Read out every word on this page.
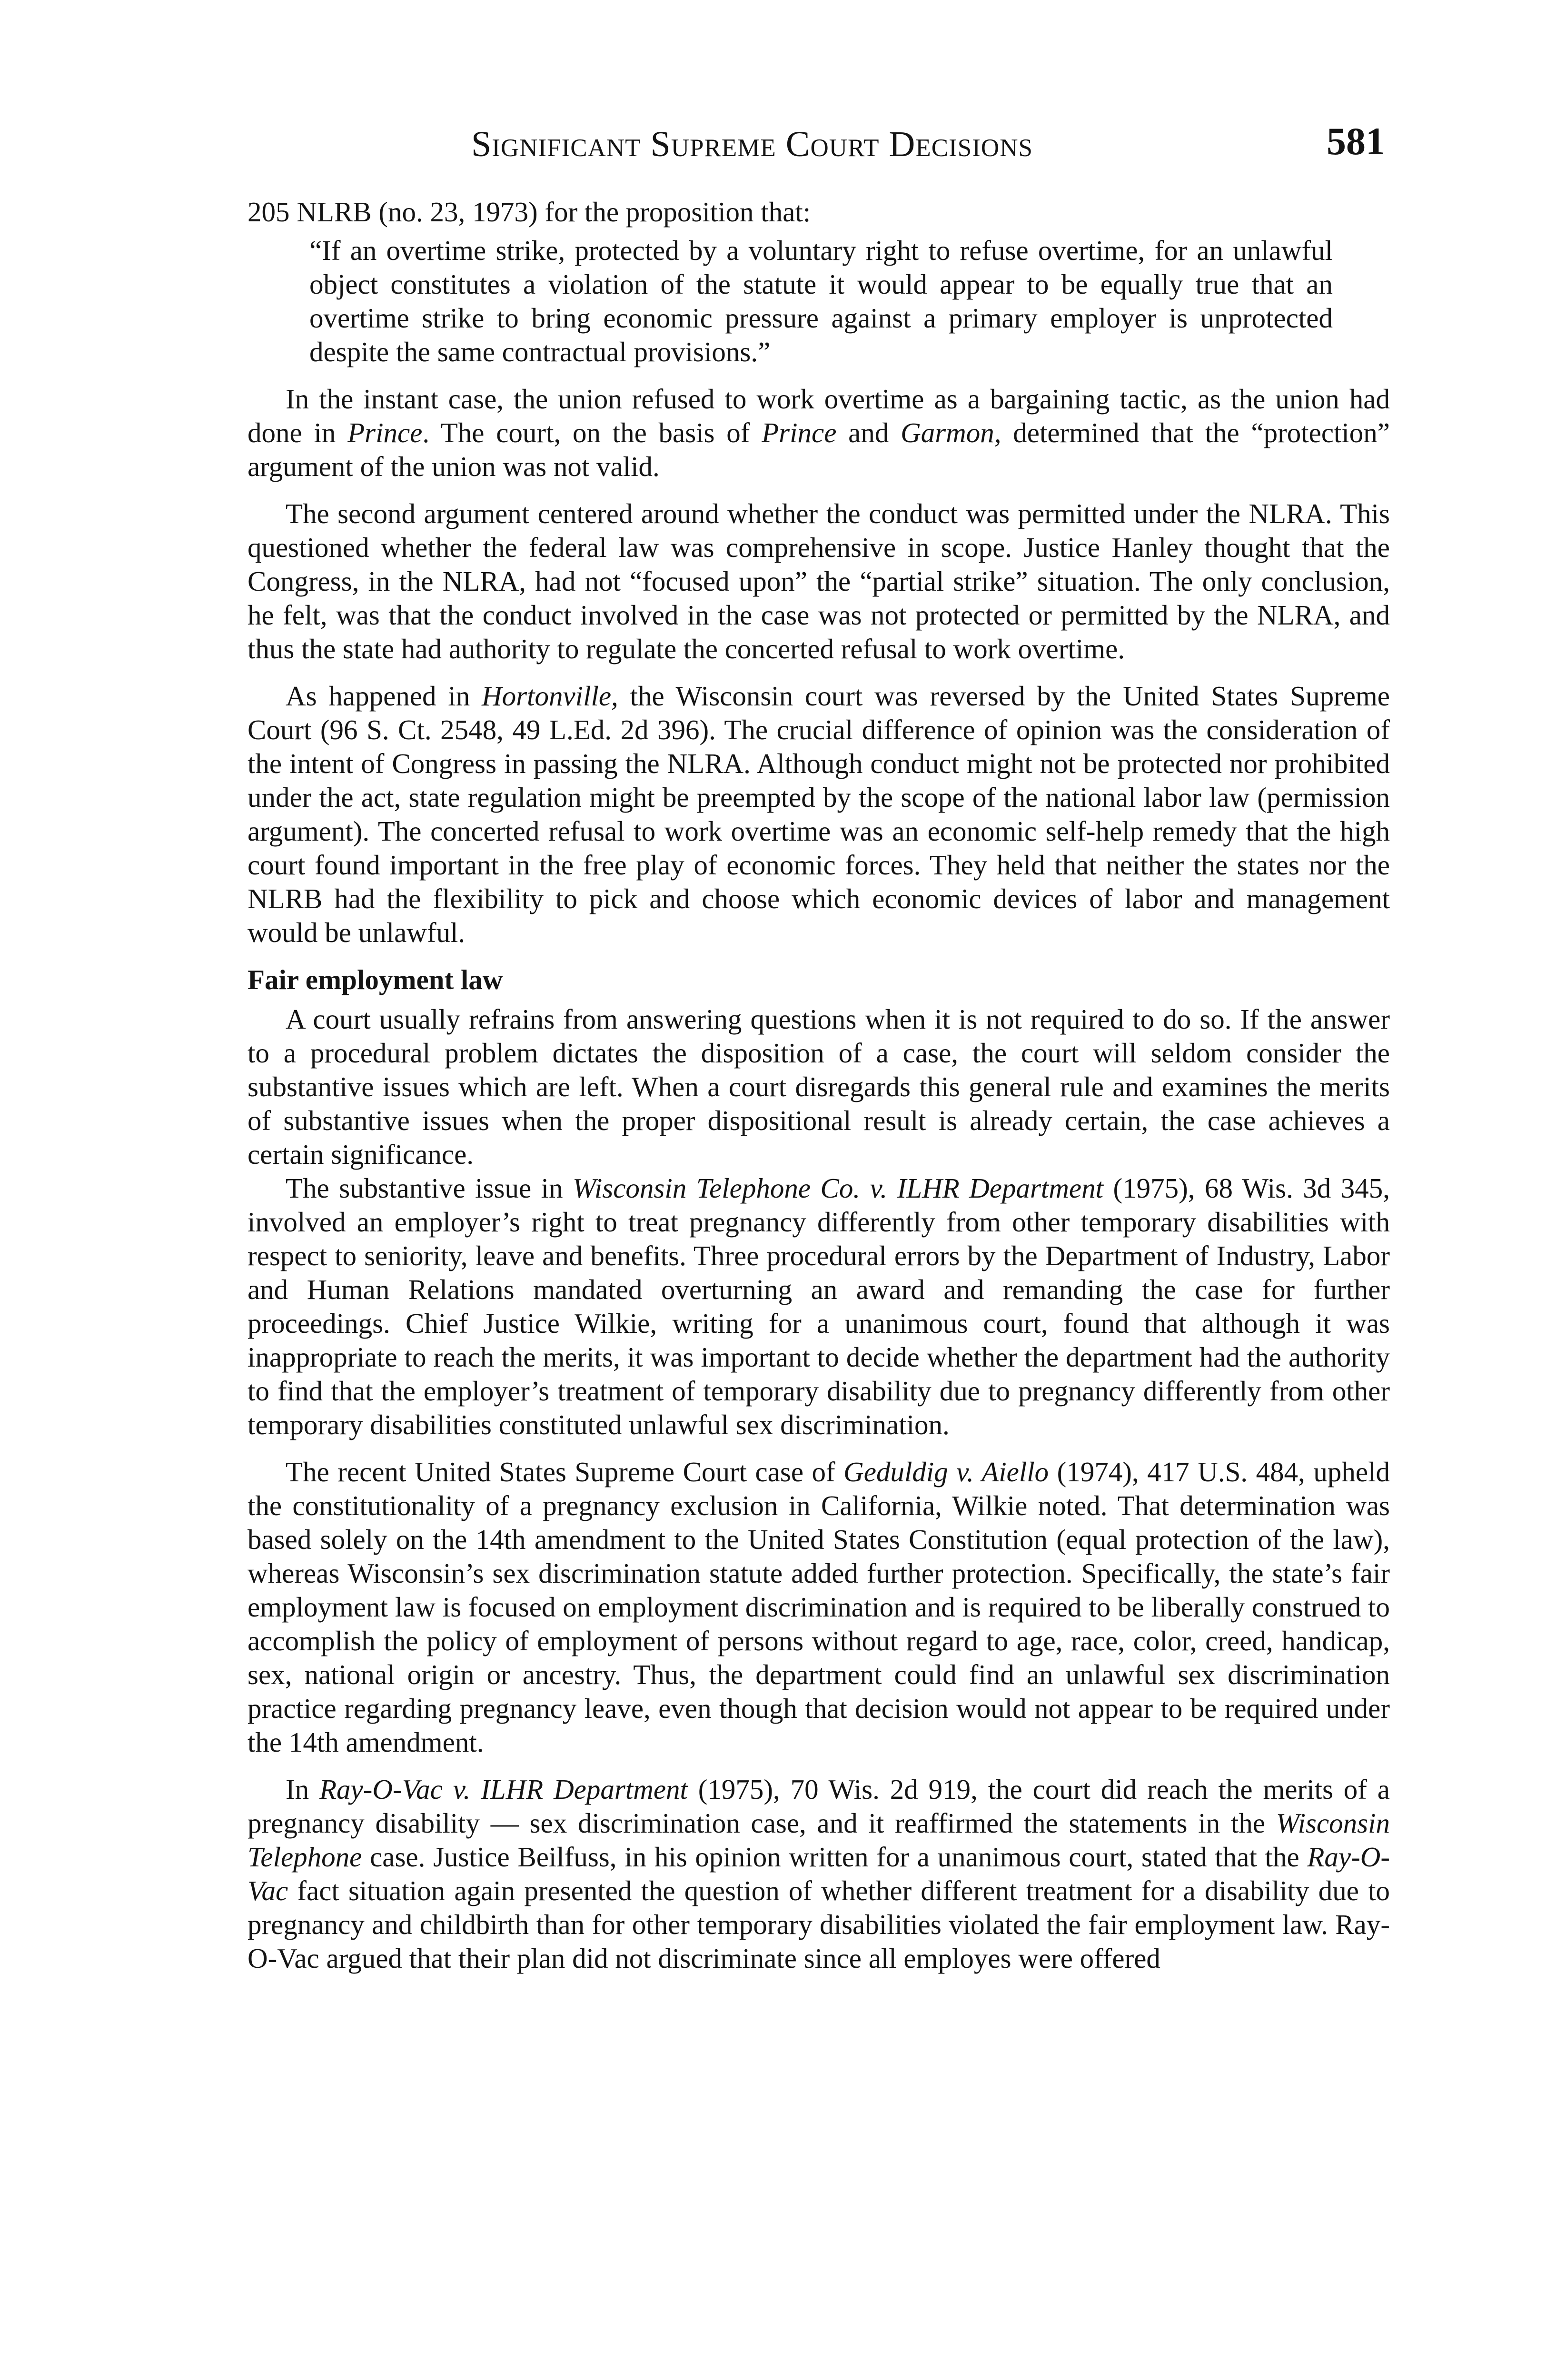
Significant Supreme Court Decisions	581

205 NLRB (no. 23, 1973) for the proposition that:

“If an overtime strike, protected by a voluntary right to refuse overtime, for an unlawful object constitutes a violation of the statute it would appear to be equally true that an overtime strike to bring economic pressure against a primary employer is unprotected despite the same contractual provisions.”

In the instant case, the union refused to work overtime as a bargaining tactic, as the union had done in Prince. The court, on the basis of Prince and Garmon, determined that the “protection” argument of the union was not valid.

The second argument centered around whether the conduct was permitted under the NLRA. This questioned whether the federal law was comprehensive in scope. Justice Hanley thought that the Congress, in the NLRA, had not “focused upon” the “partial strike” situation. The only conclusion, he felt, was that the conduct involved in the case was not protected or permitted by the NLRA, and thus the state had authority to regulate the concerted refusal to work overtime.

As happened in Hortonville, the Wisconsin court was reversed by the United States Supreme Court (96 S. Ct. 2548, 49 L.Ed. 2d 396). The crucial difference of opinion was the consideration of the intent of Congress in passing the NLRA. Although conduct might not be protected nor prohibited under the act, state regulation might be preempted by the scope of the national labor law (permission argument). The concerted refusal to work overtime was an economic self-help remedy that the high court found important in the free play of economic forces. They held that neither the states nor the NLRB had the flexibility to pick and choose which economic devices of labor and management would be unlawful.

Fair employment law

A court usually refrains from answering questions when it is not required to do so. If the answer to a procedural problem dictates the disposition of a case, the court will seldom consider the substantive issues which are left. When a court disregards this general rule and examines the merits of substantive issues when the proper dispositional result is already certain, the case achieves a certain significance.

The substantive issue in Wisconsin Telephone Co. v. ILHR Department (1975), 68 Wis. 3d 345, involved an employer’s right to treat pregnancy differently from other temporary disabilities with respect to seniority, leave and benefits. Three procedural errors by the Department of Industry, Labor and Human Relations mandated overturning an award and remanding the case for further proceedings. Chief Justice Wilkie, writing for a unanimous court, found that although it was inappropriate to reach the merits, it was important to decide whether the department had the authority to find that the employer’s treatment of temporary disability due to pregnancy differently from other temporary disabilities constituted unlawful sex discrimination.

The recent United States Supreme Court case of Geduldig v. Aiello (1974), 417 U.S. 484, upheld the constitutionality of a pregnancy exclusion in California, Wilkie noted. That determination was based solely on the 14th amendment to the United States Constitution (equal protection of the law), whereas Wisconsin’s sex discrimination statute added further protection. Specifically, the state’s fair employment law is focused on employment discrimination and is required to be liberally construed to accomplish the policy of employment of persons without regard to age, race, color, creed, handicap, sex, national origin or ancestry. Thus, the department could find an unlawful sex discrimination practice regarding pregnancy leave, even though that decision would not appear to be required under the 14th amendment.

In Ray-O-Vac v. ILHR Department (1975), 70 Wis. 2d 919, the court did reach the merits of a pregnancy disability — sex discrimination case, and it reaffirmed the statements in the Wisconsin Telephone case. Justice Beilfuss, in his opinion written for a unanimous court, stated that the Ray-O-Vac fact situation again presented the question of whether different treatment for a disability due to pregnancy and childbirth than for other temporary disabilities violated the fair employment law. Ray-O-Vac argued that their plan did not discriminate since all employes were offered
